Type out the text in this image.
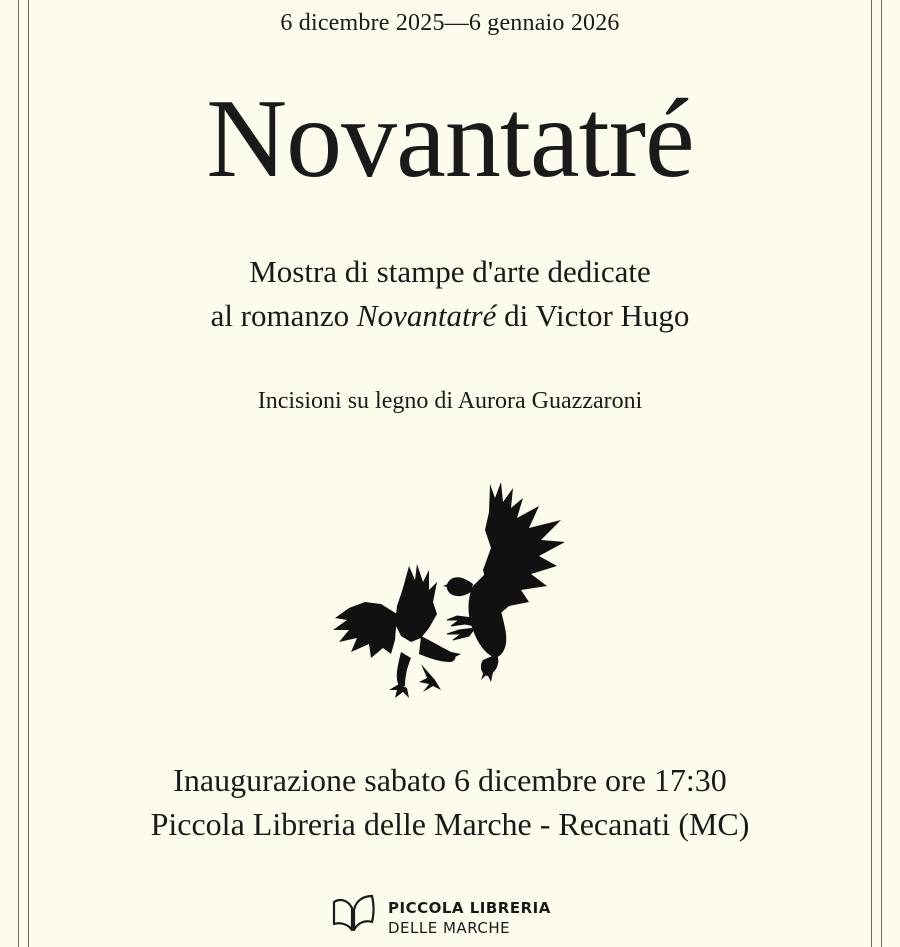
6 dicembre 2025—6 gennaio 2026
Novantatré
Mostra di stampe d'arte dedicate
al romanzo Novantatré di Victor Hugo
Incisioni su legno di Aurora Guazzaroni
Inaugurazione sabato 6 dicembre ore 17:30
Piccola Libreria delle Marche - Recanati (MC)
PICCOLA LIBRERIA
DELLE MARCHE
